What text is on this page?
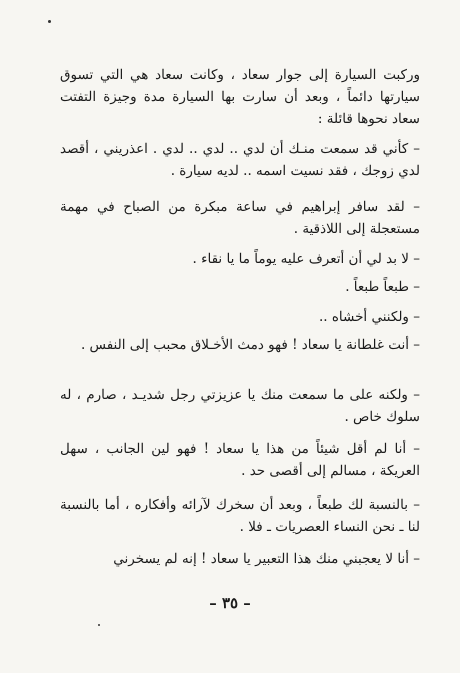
وركبت السيارة إلى جوار سعاد ، وكانت سعاد هي التي تسوق سيارتها دائماً ، وبعد أن سارت بها السيارة مدة وجيزة التفتت سعاد نحوها قائلة :
– كأني قد سمعت منـك أن لدي .. لدي .. لدي . اعذريني ، أقصد لدي زوجك ، فقد نسيت اسمه .. لديه سيارة .
– لقد سافر إبراهيم في ساعة مبكرة من الصباح في مهمة مستعجلة إلى اللاذقية .
– لا بد لي أن أتعرف عليه يوماً ما يا نقاء .
– طبعاً طبعاً .
– ولكنني أخشاه ..
– أنت غلطانة يا سعاد ! فهو دمث الأخـلاق محبب إلى النفس .
– ولكنه على ما سمعت منك يا عزيزتي رجل شديـد ، صارم ، له سلوك خاص .
– أنا لم أقل شيئاً من هذا يا سعاد ! فهو لين الجانب ، سهل العريكة ، مسالم إلى أقصى حد .
– بالنسبة لك طبعاً ، وبعد أن سخرك لآرائه وأفكاره ، أما بالنسبة لنا ـ نحن النساء العصريات ـ فلا .
– أنا لا يعجبني منك هذا التعبير يا سعاد ! إنه لم يسخرني
– ٣٥ –
